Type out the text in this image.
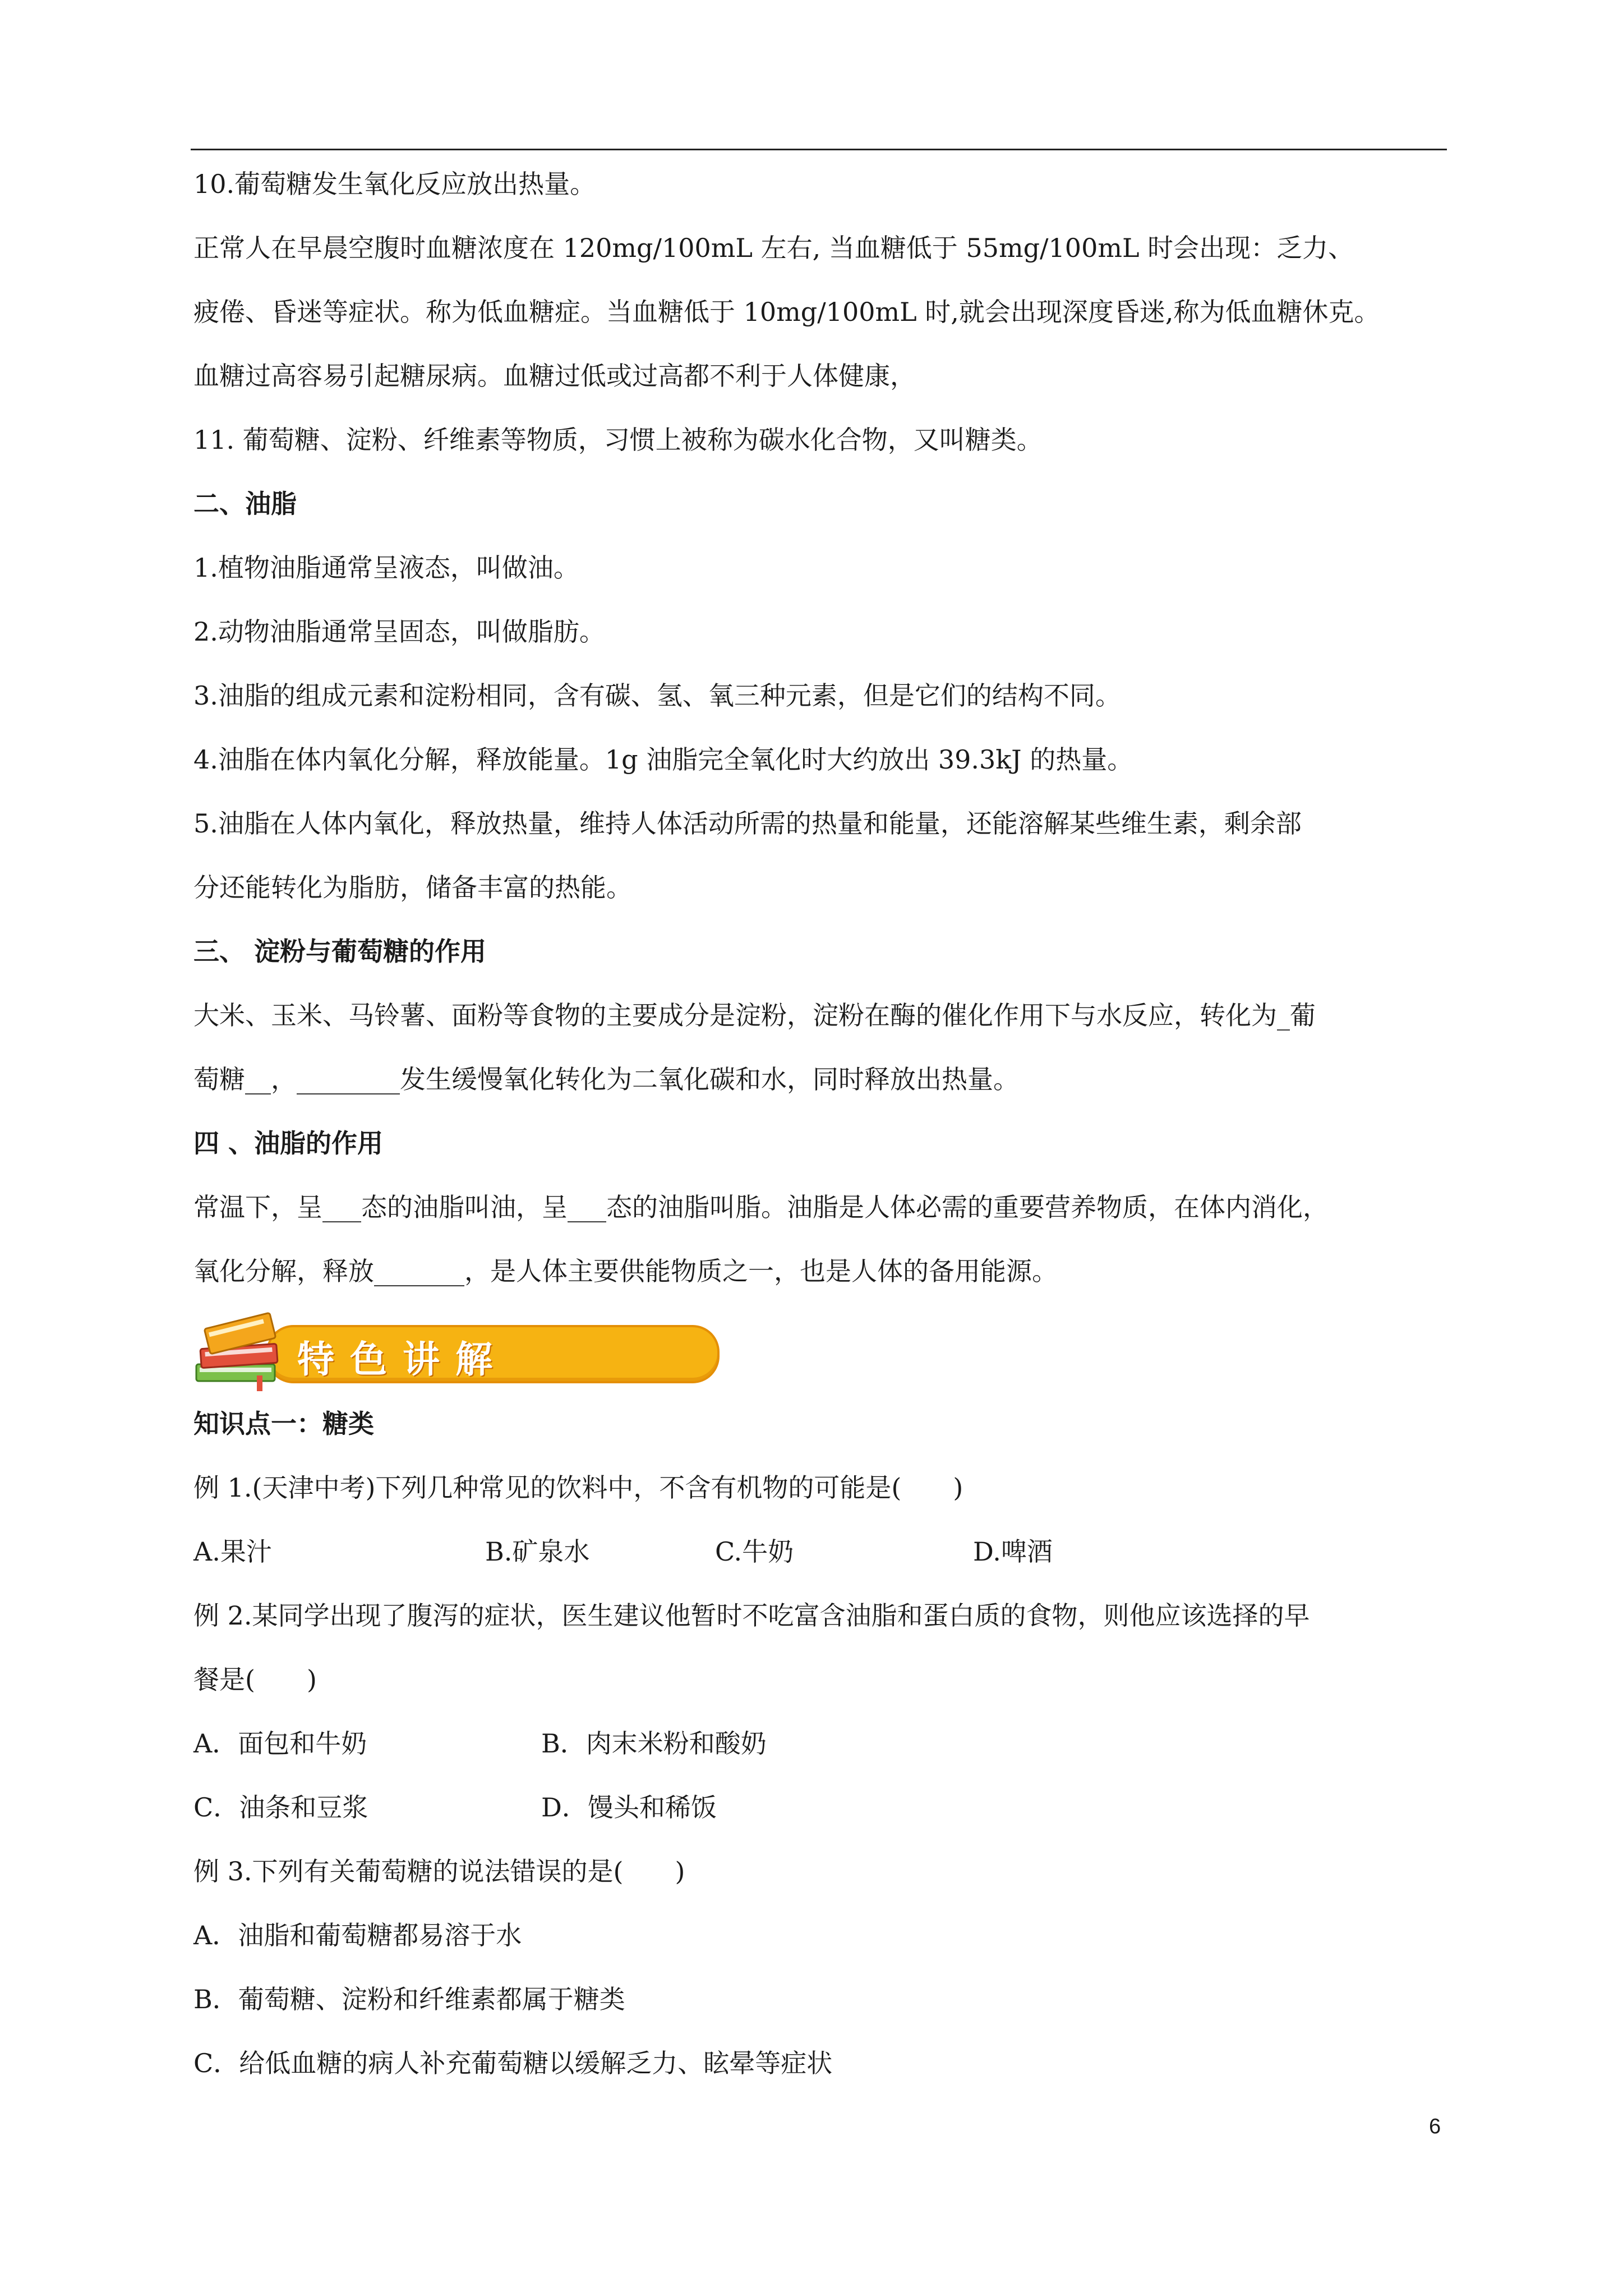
10.葡萄糖发生氧化反应放出热量。
正常人在早晨空腹时血糖浓度在 120mg/100mL 左右, 当血糖低于 55mg/100mL 时会出现：乏力、
疲倦、昏迷等症状。称为低血糖症。当血糖低于 10mg/100mL 时,就会出现深度昏迷,称为低血糖休克。
血糖过高容易引起糖尿病。血糖过低或过高都不利于人体健康，
11. 葡萄糖、淀粉、纤维素等物质，习惯上被称为碳水化合物，又叫糖类。
二、油脂
1.植物油脂通常呈液态，叫做油。
2.动物油脂通常呈固态，叫做脂肪。
3.油脂的组成元素和淀粉相同，含有碳、氢、氧三种元素，但是它们的结构不同。
4.油脂在体内氧化分解，释放能量。1g 油脂完全氧化时大约放出 39.3kJ 的热量。
5.油脂在人体内氧化，释放热量，维持人体活动所需的热量和能量，还能溶解某些维生素，剩余部
分还能转化为脂肪，储备丰富的热能。
三、 淀粉与葡萄糖的作用
大米、玉米、马铃薯、面粉等食物的主要成分是淀粉，淀粉在酶的催化作用下与水反应，转化为_葡
萄糖__，________发生缓慢氧化转化为二氧化碳和水，同时释放出热量。
四 、油脂的作用
常温下，呈___态的油脂叫油，呈___态的油脂叫脂。油脂是人体必需的重要营养物质，在体内消化，
氧化分解，释放_______，是人体主要供能物质之一，也是人体的备用能源。
特色讲解
知识点一：糖类
例 1.(天津中考)下列几种常见的饮料中，不含有机物的可能是(　　)
A.果汁	B.矿泉水	C.牛奶	D.啤酒
例 2.某同学出现了腹泻的症状，医生建议他暂时不吃富含油脂和蛋白质的食物，则他应该选择的早
餐是(　　)
A．面包和牛奶	B．肉末米粉和酸奶
C．油条和豆浆	D．馒头和稀饭
例 3.下列有关葡萄糖的说法错误的是(　　)
A．油脂和葡萄糖都易溶于水
B．葡萄糖、淀粉和纤维素都属于糖类
C．给低血糖的病人补充葡萄糖以缓解乏力、眩晕等症状
6
